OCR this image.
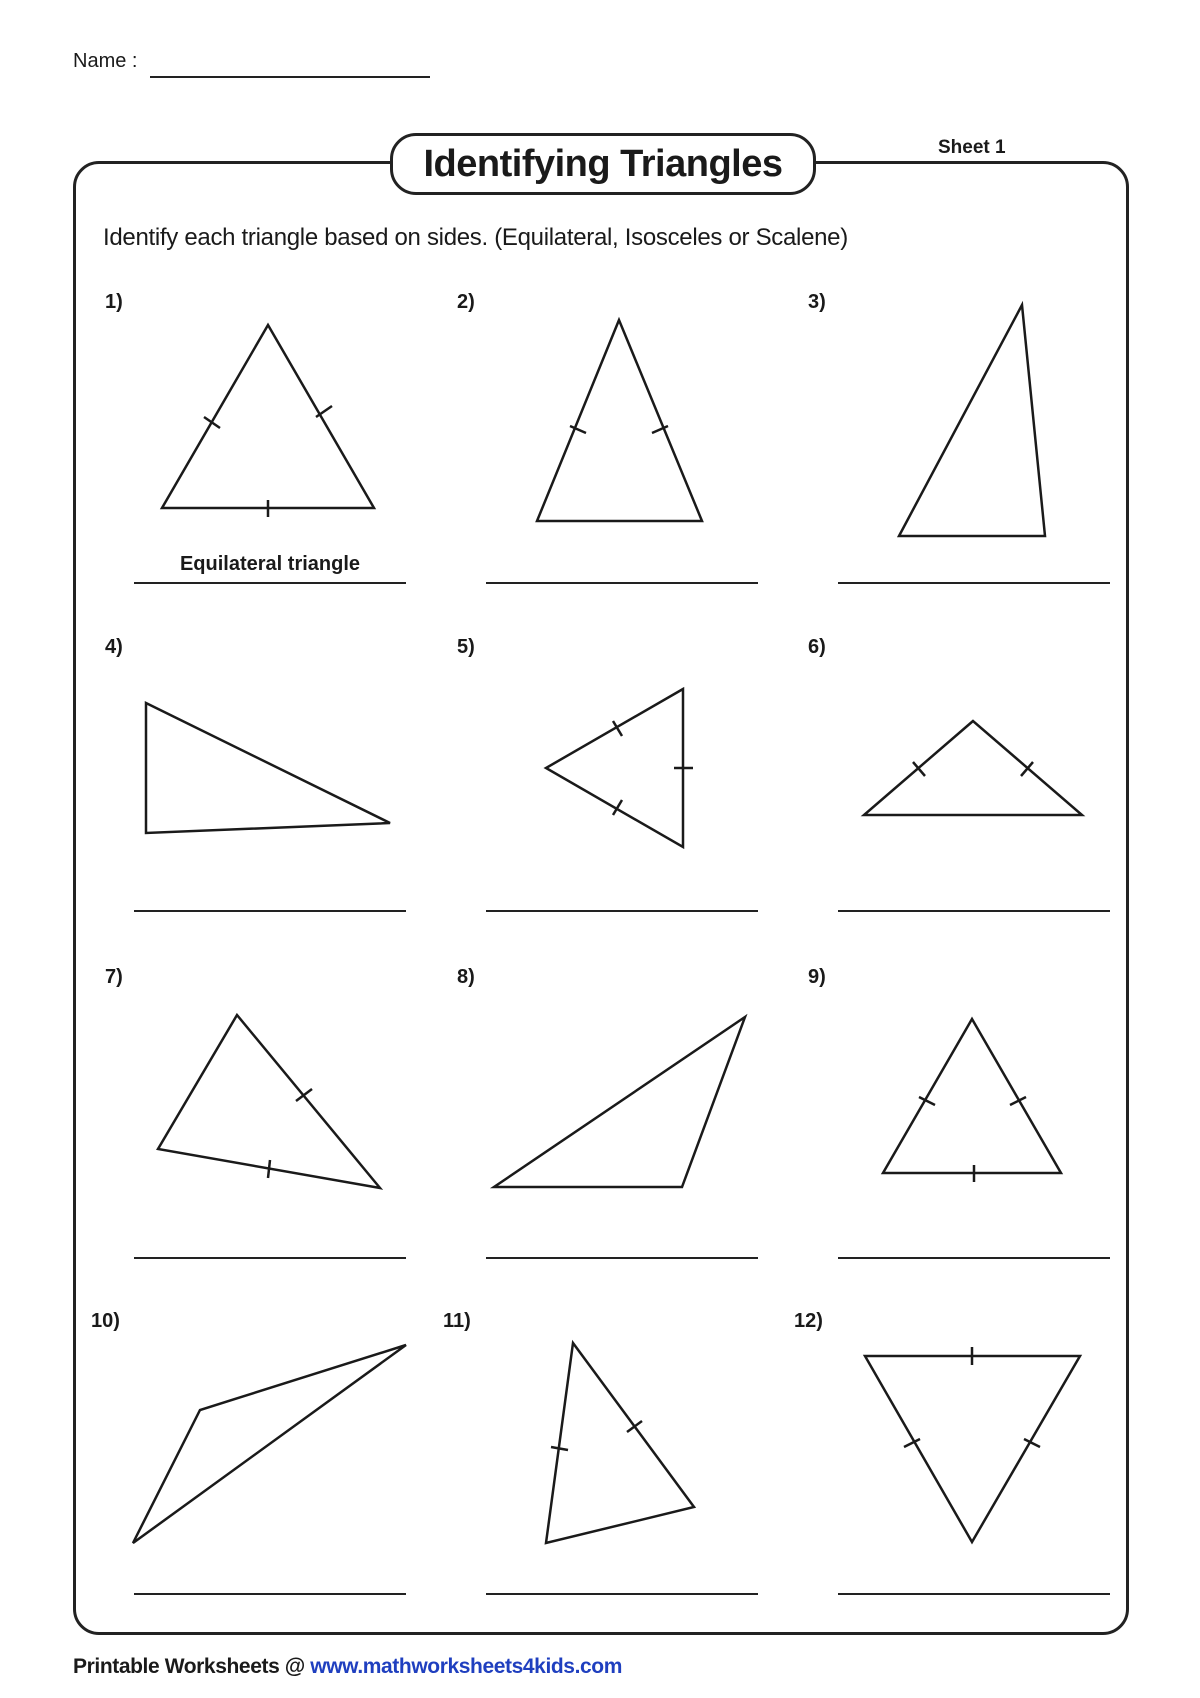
Name :
Identifying Triangles	Sheet 1
Identify each triangle based on sides. (Equilateral, Isosceles or Scalene)
1)	2)	3)
4)	5)	6)
7)	8)	9)
10)	11)	12)
Equilateral triangle
Printable Worksheets @ www.mathworksheets4kids.com
